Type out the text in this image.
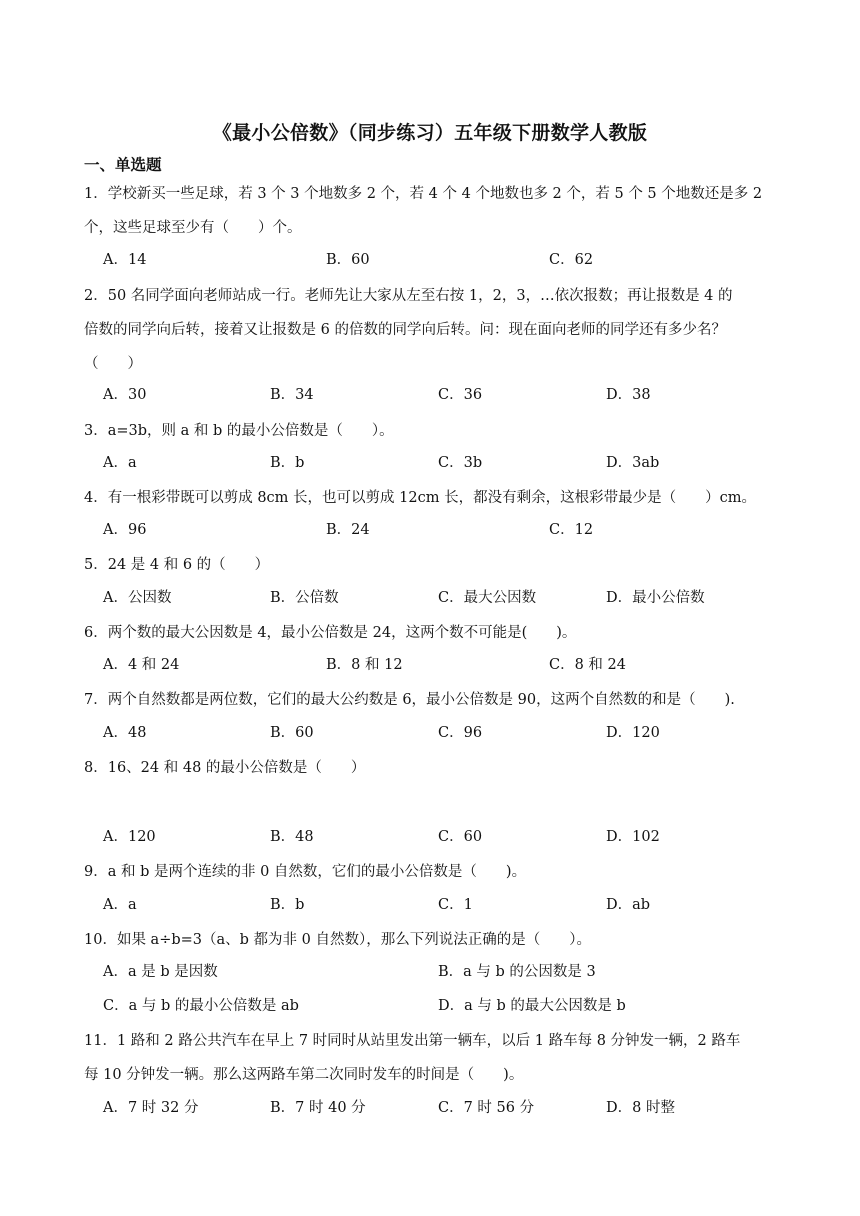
《最小公倍数》（同步练习）五年级下册数学人教版
一、单选题
1．学校新买一些足球，若 3 个 3 个地数多 2 个，若 4 个 4 个地数也多 2 个，若 5 个 5 个地数还是多 2
个，这些足球至少有（　　）个。
A．14	B．60	C．62
2．50 名同学面向老师站成一行。老师先让大家从左至右按 1，2，3，…依次报数；再让报数是 4 的
倍数的同学向后转，接着又让报数是 6 的倍数的同学向后转。问：现在面向老师的同学还有多少名？
（　　）
A．30	B．34	C．36	D．38
3．a=3b，则 a 和 b 的最小公倍数是（　　）。
A．a	B．b	C．3b	D．3ab
4．有一根彩带既可以剪成 8cm 长，也可以剪成 12cm 长，都没有剩余，这根彩带最少是（　　）cm。
A．96	B．24	C．12
5．24 是 4 和 6 的（　　）
A．公因数	B．公倍数	C．最大公因数	D．最小公倍数
6．两个数的最大公因数是 4，最小公倍数是 24，这两个数不可能是(　　)。
A．4 和 24	B．8 和 12	C．8 和 24
7．两个自然数都是两位数，它们的最大公约数是 6，最小公倍数是 90，这两个自然数的和是（　　).
A．48	B．60	C．96	D．120
8．16、24 和 48 的最小公倍数是（　　）
A．120	B．48	C．60	D．102
9．a 和 b 是两个连续的非 0 自然数，它们的最小公倍数是（　　)。
A．a	B．b	C．1	D．ab
10．如果 a÷b=3（a、b 都为非 0 自然数），那么下列说法正确的是（　　）。
A．a 是 b 是因数	B．a 与 b 的公因数是 3
C．a 与 b 的最小公倍数是 ab	D．a 与 b 的最大公因数是 b
11．1 路和 2 路公共汽车在早上 7 时同时从站里发出第一辆车，以后 1 路车每 8 分钟发一辆，2 路车
每 10 分钟发一辆。那么这两路车第二次同时发车的时间是（　　)。
A．7 时 32 分	B．7 时 40 分	C．7 时 56 分	D．8 时整
